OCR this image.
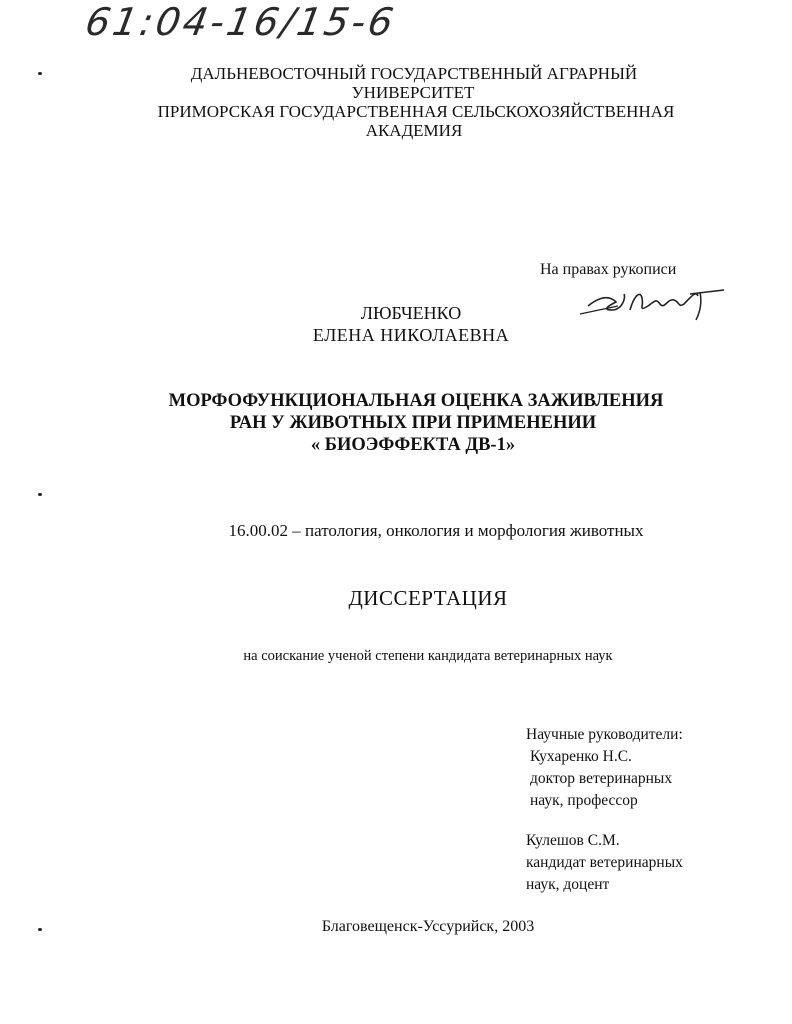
61:04-16/15-6
ДАЛЬНЕВОСТОЧНЫЙ ГОСУДАРСТВЕННЫЙ АГРАРНЫЙ
УНИВЕРСИТЕТ
ПРИМОРСКАЯ ГОСУДАРСТВЕННАЯ СЕЛЬСКОХОЗЯЙСТВЕННАЯ
АКАДЕМИЯ
На правах рукописи
ЛЮБЧЕНКО
ЕЛЕНА НИКОЛАЕВНА
МОРФОФУНКЦИОНАЛЬНАЯ ОЦЕНКА ЗАЖИВЛЕНИЯ
РАН У ЖИВОТНЫХ ПРИ ПРИМЕНЕНИИ
« БИОЭФФЕКТА ДВ-1»
16.00.02 – патология, онкология и морфология животных
ДИССЕРТАЦИЯ
на соискание ученой степени кандидата ветеринарных наук
Научные руководители:
Кухаренко Н.С.
доктор ветеринарных
наук, профессор
Кулешов С.М.
кандидат ветеринарных
наук, доцент
Благовещенск-Уссурийск, 2003
